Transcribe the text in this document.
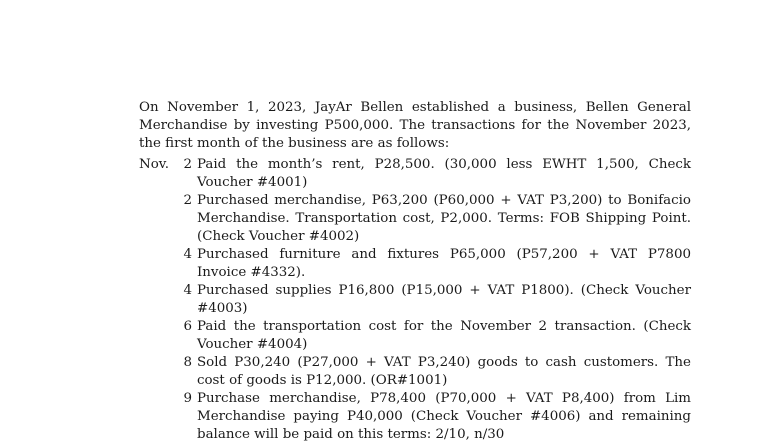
On November 1, 2023, JayAr Bellen established a business, Bellen General Merchandise by investing P500,000. The transactions for the November 2023, the first month of the business are as follows:

Nov. 2 Paid the month’s rent, P28,500. (30,000 less EWHT 1,500, Check Voucher #4001)
2 Purchased merchandise, P63,200 (P60,000 + VAT P3,200) to Bonifacio Merchandise. Transportation cost, P2,000. Terms: FOB Shipping Point. (Check Voucher #4002)
4 Purchased furniture and fixtures P65,000 (P57,200 + VAT P7800 Invoice #4332).
4 Purchased supplies P16,800 (P15,000 + VAT P1800). (Check Voucher #4003)
6 Paid the transportation cost for the November 2 transaction. (Check Voucher #4004)
8 Sold P30,240 (P27,000 + VAT P3,240) goods to cash customers. The cost of goods is P12,000. (OR#1001)
9 Purchase merchandise, P78,400 (P70,000 + VAT P8,400) from Lim Merchandise paying P40,000 (Check Voucher #4006) and remaining balance will be paid on this terms: 2/10, n/30
